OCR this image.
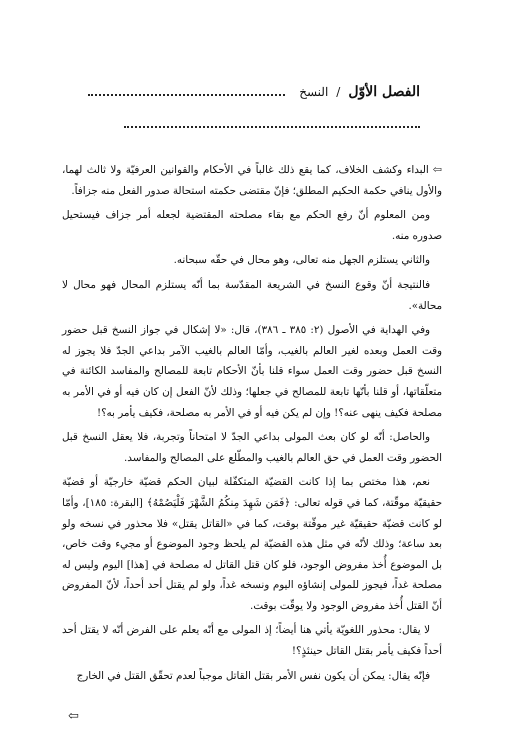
الفصل الأوّل
/
النسخ

⇦البداء وكشف الخلاف، كما يقع ذلك غالباً في الأحكام والقوانين العرفيّة ولا ثالث لهما، والأول ينافي حكمة الحكيم المطلق؛ فإنّ مقتضى حكمته استحالة صدور الفعل منه جزافاً.

ومن المعلوم أنّ رفع الحكم مع بقاء مصلحته المقتضية لجعله أمر جزاف فيستحيل صدوره منه.

والثاني يستلزم الجهل منه تعالى، وهو محال في حقّه سبحانه.

فالنتيجة أنّ وقوع النسخ في الشريعة المقدّسة بما أنّه يستلزم المحال فهو محال لا محالة».

وفي الهداية في الأصول (٢: ٣٨٥ ـ ٣٨٦)، قال: «لا إشكال في جواز النسخ قبل حضور وقت العمل وبعده لغير العالم بالغيب، وأمّا العالم بالغيب الآمر بداعي الجدّ فلا يجوز له النسخ قبل حضور وقت العمل سواء قلنا بأنّ الأحكام تابعة للمصالح والمفاسد الكائنة في متعلّقاتها، أو قلنا بأنّها تابعة للمصالح في جعلها؛ وذلك لأنّ الفعل إن كان فيه أو في الأمر به مصلحة فكيف ينهى عنه؟! وإن لم يكن فيه أو في الأمر به مصلحة، فكيف يأمر به؟!

والحاصل: أنّه لو كان بعث المولى بداعي الجدّ لا امتحاناً وتجربة، فلا يعقل النسخ قبل الحضور وقت العمل في حق العالم بالغيب والمطّلع على المصالح والمفاسد.

نعم، هذا مختص بما إذا كانت القضيّة المتكفّلة لبيان الحكم قضيّة خارجيّة أو قضيّة حقيقيّة موقّتة، كما في قوله تعالى: ﴿فَمَن شَهِدَ مِنكُمُ الشَّهْرَ فَلْيَصُمْهُ﴾ [البقرة: ١٨٥]، وأمّا لو كانت قضيّة حقيقيّة غير موقّتة بوقت، كما في «القاتل يقتل» فلا محذور في نسخه ولو بعد ساعة؛ وذلك لأنّه في مثل هذه القضيّة لم يلحظ وجود الموضوع أو مجيء وقت خاص، بل الموضوع أُخذ مفروض الوجود، فلو كان قتل القاتل له مصلحة في [هذا] اليوم وليس له مصلحة غداً، فيجوز للمولى إنشاؤه اليوم ونسخه غداً، ولو لم يقتل أحد أحداً، لأنّ المفروض أنّ القتل أُخذ مفروض الوجود ولا يوقّت بوقت.

لا يقال: محذور اللغويّة يأتي هنا أيضاً؛ إذ المولى مع أنّه يعلم على الفرض أنّه لا يقتل أحد أحداً فكيف يأمر بقتل القاتل حينئذٍ؟!

فإنّه يقال: يمكن أن يكون نفس الأمر بقتل القاتل موجباً لعدم تحقّق القتل في الخارج

⇦
